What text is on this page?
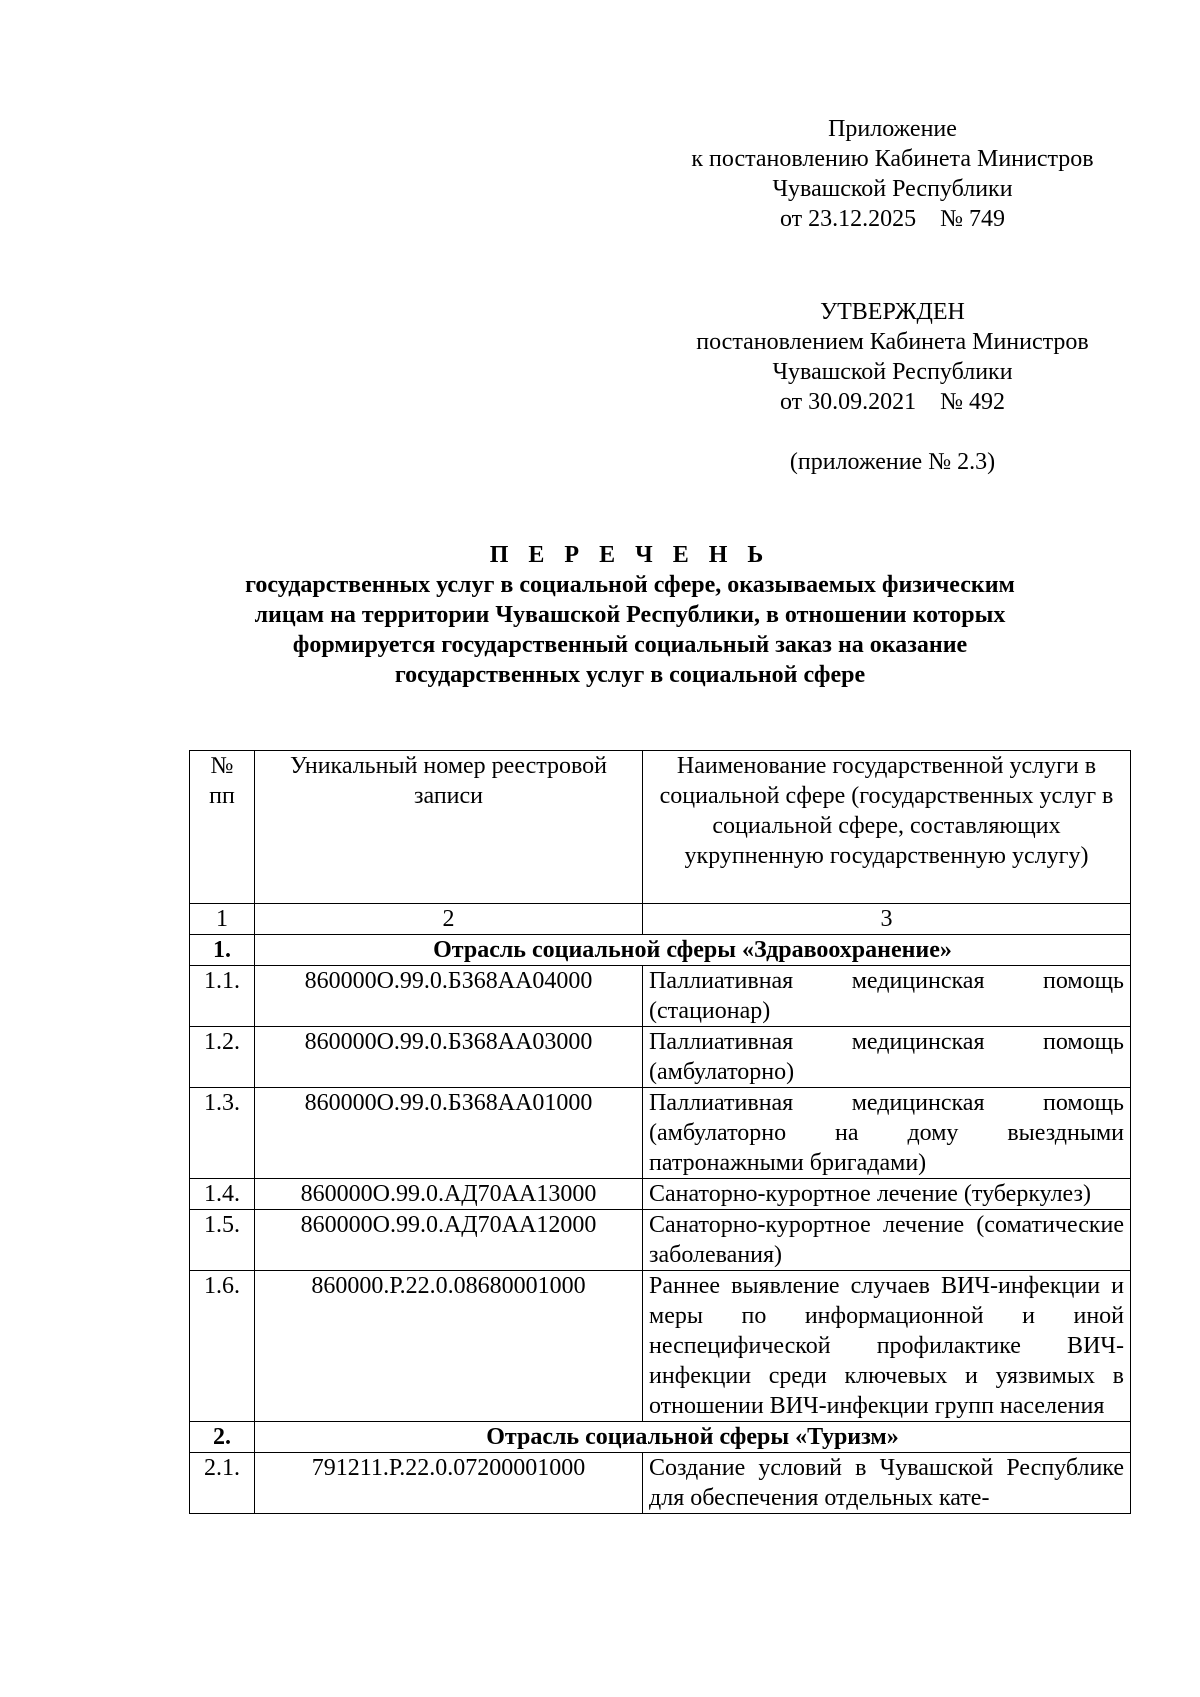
Приложение
к постановлению Кабинета Министров
Чувашской Республики
от 23.12.2025    № 749
УТВЕРЖДЕН
постановлением Кабинета Министров
Чувашской Республики
от 30.09.2021    № 492
(приложение № 2.3)
П Е Р Е Ч Е Н Ь
государственных услуг в социальной сфере, оказываемых физическим
лицам на территории Чувашской Республики, в отношении которых
формируется государственный социальный заказ на оказание
государственных услуг в социальной сфере
№ пп	Уникальный номер реестровой записи	Наименование государственной услуги в социальной сфере (государственных услуг в социальной сфере, составляющих укрупненную государственную услугу)
1	2	3
1.	Отрасль социальной сферы «Здравоохранение»	
1.1.	860000О.99.0.БЗ68АА04000	Паллиативная медицинская помощь (стационар)
1.2.	860000О.99.0.БЗ68АА03000	Паллиативная медицинская помощь (амбулаторно)
1.3.	860000О.99.0.БЗ68АА01000	Паллиативная медицинская помощь (амбулаторно на дому выездными патронажными бригадами)
1.4.	860000О.99.0.АД70АА13000	Санаторно-курортное лечение (туберкулез)
1.5.	860000О.99.0.АД70АА12000	Санаторно-курортное лечение (соматические заболевания)
1.6.	860000.Р.22.0.08680001000	Раннее выявление случаев ВИЧ-инфекции и меры по информационной и иной неспецифической профилактике ВИЧ-инфекции среди ключевых и уязвимых в отношении ВИЧ-инфекции групп населения
2.	Отрасль социальной сферы «Туризм»	
2.1.	791211.Р.22.0.07200001000	Создание условий в Чувашской Республике для обеспечения отдельных кате-
